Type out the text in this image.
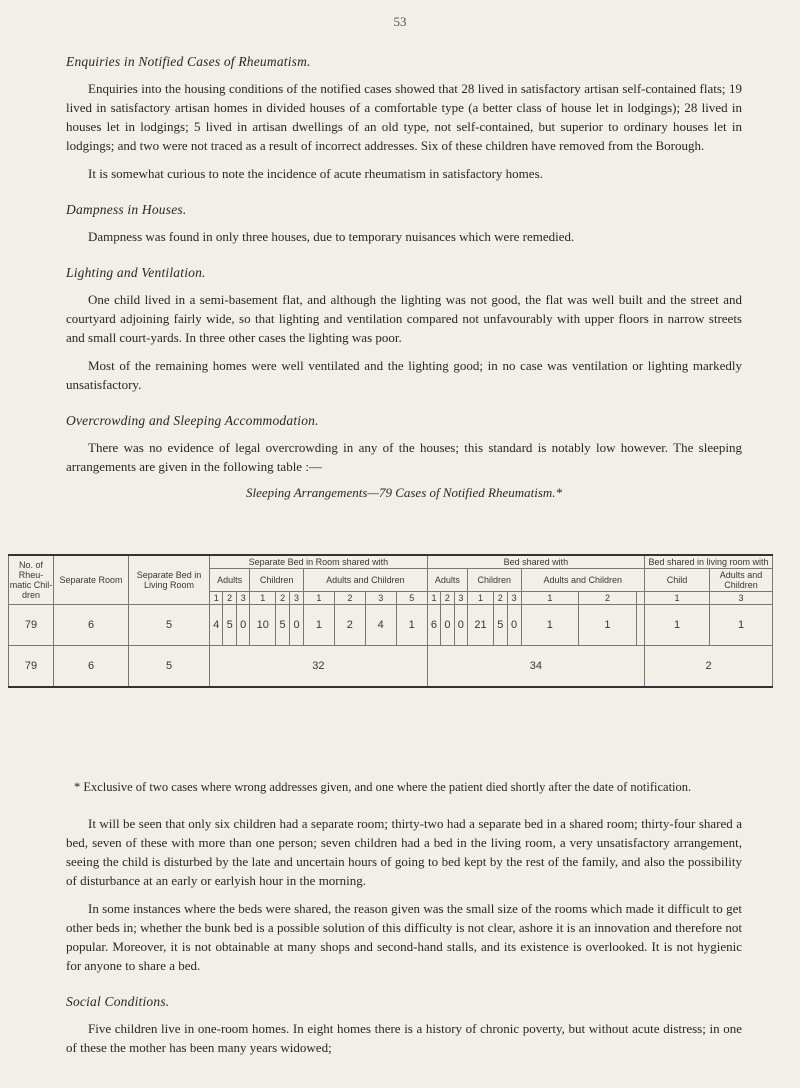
53
Enquiries in Notified Cases of Rheumatism.

Enquiries into the housing conditions of the notified cases showed that 28 lived in satisfactory artisan self-contained flats; 19 lived in satisfactory artisan homes in divided houses of a comfortable type (a better class of house let in lodgings); 28 lived in houses let in lodgings; 5 lived in artisan dwellings of an old type, not self-contained, but superior to ordinary houses let in lodgings; and two were not traced as a result of incorrect addresses. Six of these children have removed from the Borough.

It is somewhat curious to note the incidence of acute rheumatism in satisfactory homes.

Dampness in Houses.

Dampness was found in only three houses, due to temporary nuisances which were remedied.

Lighting and Ventilation.

One child lived in a semi-basement flat, and although the lighting was not good, the flat was well built and the street and courtyard adjoining fairly wide, so that lighting and ventilation compared not unfavourably with upper floors in narrow streets and small court-yards. In three other cases the lighting was poor.

Most of the remaining homes were well ventilated and the lighting good; in no case was ventilation or lighting markedly unsatisfactory.

Overcrowding and Sleeping Accommodation.

There was no evidence of legal overcrowding in any of the houses; this standard is notably low however. The sleeping arrangements are given in the following table :—

Sleeping Arrangements—79 Cases of Notified Rheumatism.*
No. of Rheu-matic Chil-dren	Separate Room	Separate Bed in Living Room	Separate Bed in Room shared with										Bed shared with									Bed shared in living room with	
			Adults			Children			Adults and Children				Adults			Children			Adults and Children			Child	Adults and Children
			1	2	3	1	2	3	1	2	3	5	1	2	3	1	2	3	1	2		1	3
79	6	5	4	5	0	10	5	0	1	2	4	1	6	0	0	21	5	0	1	1		1	1
79	6	5	32										34									2	
* Exclusive of two cases where wrong addresses given, and one where the patient died shortly after the date of notification.

It will be seen that only six children had a separate room; thirty-two had a separate bed in a shared room; thirty-four shared a bed, seven of these with more than one person; seven children had a bed in the living room, a very unsatisfactory arrangement, seeing the child is disturbed by the late and uncertain hours of going to bed kept by the rest of the family, and also the possibility of disturbance at an early or earlyish hour in the morning.

In some instances where the beds were shared, the reason given was the small size of the rooms which made it difficult to get other beds in; whether the bunk bed is a possible solution of this difficulty is not clear, ashore it is an innovation and therefore not popular. Moreover, it is not obtainable at many shops and second-hand stalls, and its existence is overlooked. It is not hygienic for anyone to share a bed.

Social Conditions.

Five children live in one-room homes. In eight homes there is a history of chronic poverty, but without acute distress; in one of these the mother has been many years widowed;
